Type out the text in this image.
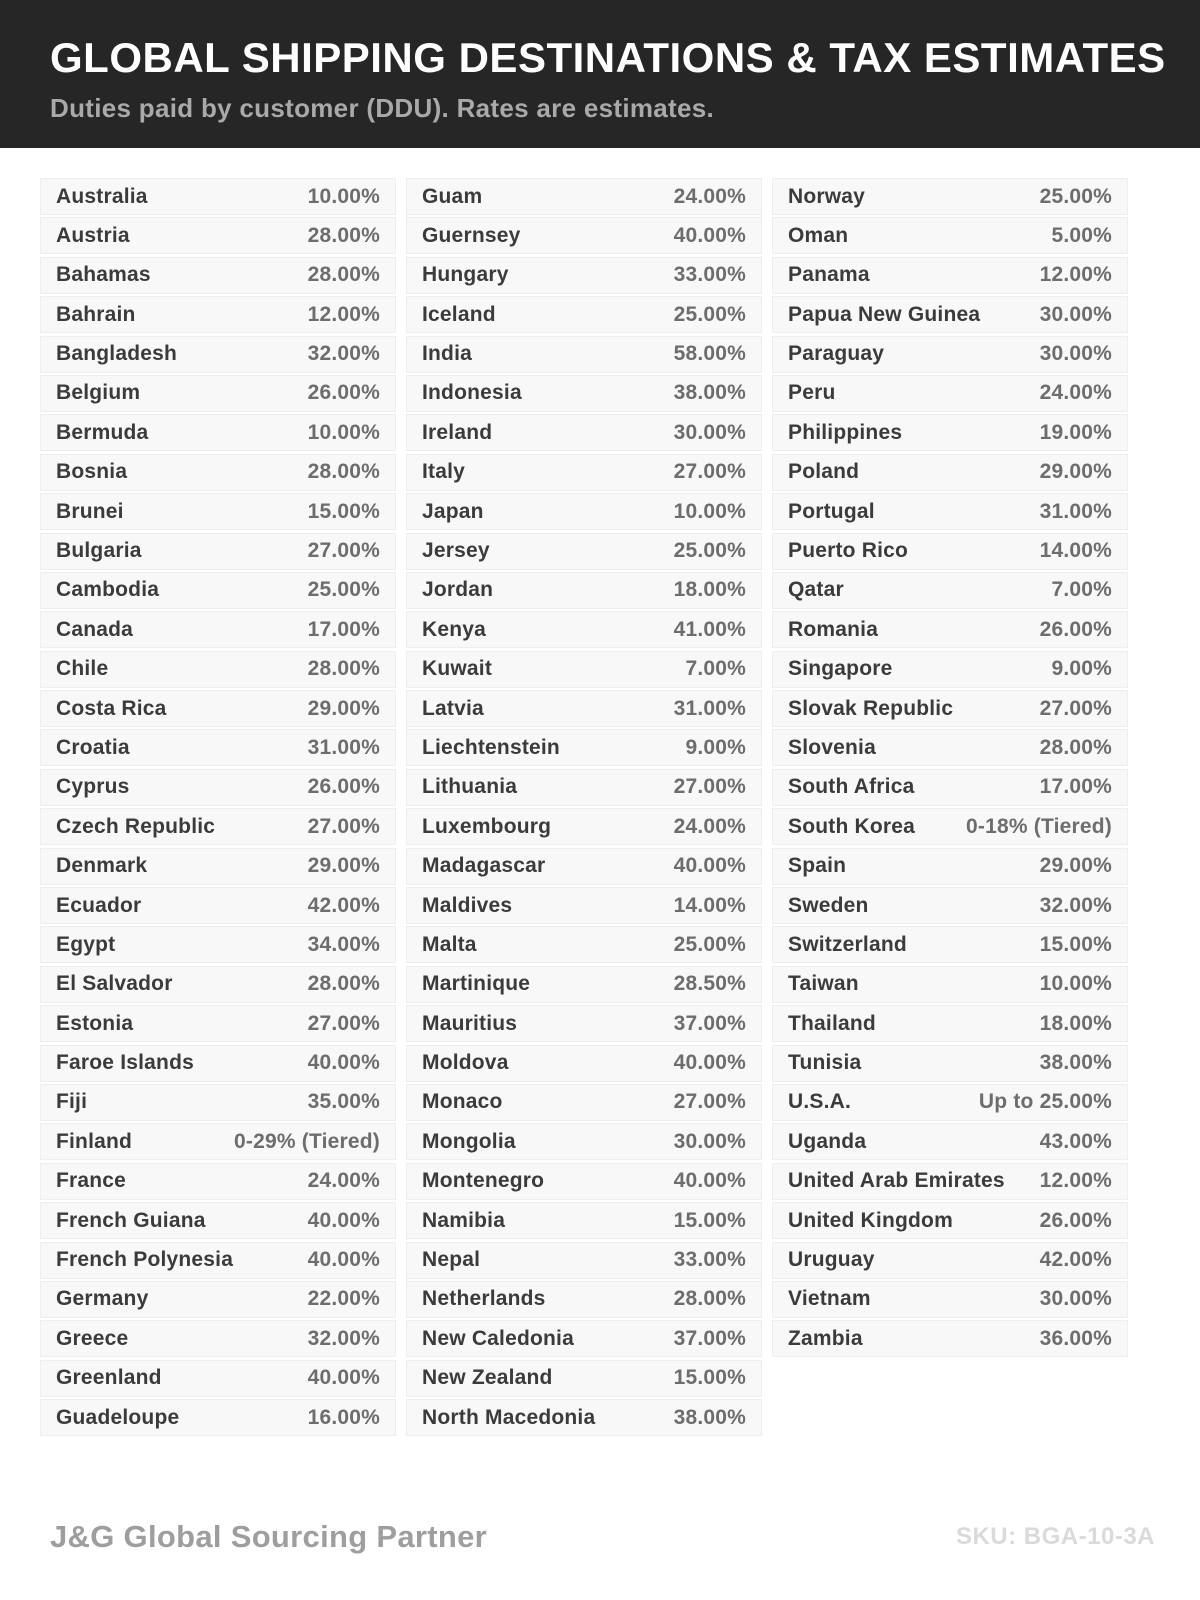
GLOBAL SHIPPING DESTINATIONS & TAX ESTIMATES
Duties paid by customer (DDU). Rates are estimates.
Australia	10.00%
Austria	28.00%
Bahamas	28.00%
Bahrain	12.00%
Bangladesh	32.00%
Belgium	26.00%
Bermuda	10.00%
Bosnia	28.00%
Brunei	15.00%
Bulgaria	27.00%
Cambodia	25.00%
Canada	17.00%
Chile	28.00%
Costa Rica	29.00%
Croatia	31.00%
Cyprus	26.00%
Czech Republic	27.00%
Denmark	29.00%
Ecuador	42.00%
Egypt	34.00%
El Salvador	28.00%
Estonia	27.00%
Faroe Islands	40.00%
Fiji	35.00%
Finland	0-29% (Tiered)
France	24.00%
French Guiana	40.00%
French Polynesia	40.00%
Germany	22.00%
Greece	32.00%
Greenland	40.00%
Guadeloupe	16.00%
Guam	24.00%
Guernsey	40.00%
Hungary	33.00%
Iceland	25.00%
India	58.00%
Indonesia	38.00%
Ireland	30.00%
Italy	27.00%
Japan	10.00%
Jersey	25.00%
Jordan	18.00%
Kenya	41.00%
Kuwait	7.00%
Latvia	31.00%
Liechtenstein	9.00%
Lithuania	27.00%
Luxembourg	24.00%
Madagascar	40.00%
Maldives	14.00%
Malta	25.00%
Martinique	28.50%
Mauritius	37.00%
Moldova	40.00%
Monaco	27.00%
Mongolia	30.00%
Montenegro	40.00%
Namibia	15.00%
Nepal	33.00%
Netherlands	28.00%
New Caledonia	37.00%
New Zealand	15.00%
North Macedonia	38.00%
Norway	25.00%
Oman	5.00%
Panama	12.00%
Papua New Guinea	30.00%
Paraguay	30.00%
Peru	24.00%
Philippines	19.00%
Poland	29.00%
Portugal	31.00%
Puerto Rico	14.00%
Qatar	7.00%
Romania	26.00%
Singapore	9.00%
Slovak Republic	27.00%
Slovenia	28.00%
South Africa	17.00%
South Korea 0-18% (Tiered)
Spain	29.00%
Sweden	32.00%
Switzerland	15.00%
Taiwan	10.00%
Thailand	18.00%
Tunisia	38.00%
U.S.A.	Up to 25.00%
Uganda	43.00%
United Arab Emirates 12.00%
United Kingdom	26.00%
Uruguay	42.00%
Vietnam	30.00%
Zambia	36.00%
J&G Global Sourcing Partner	SKU: BGA-10-3A
